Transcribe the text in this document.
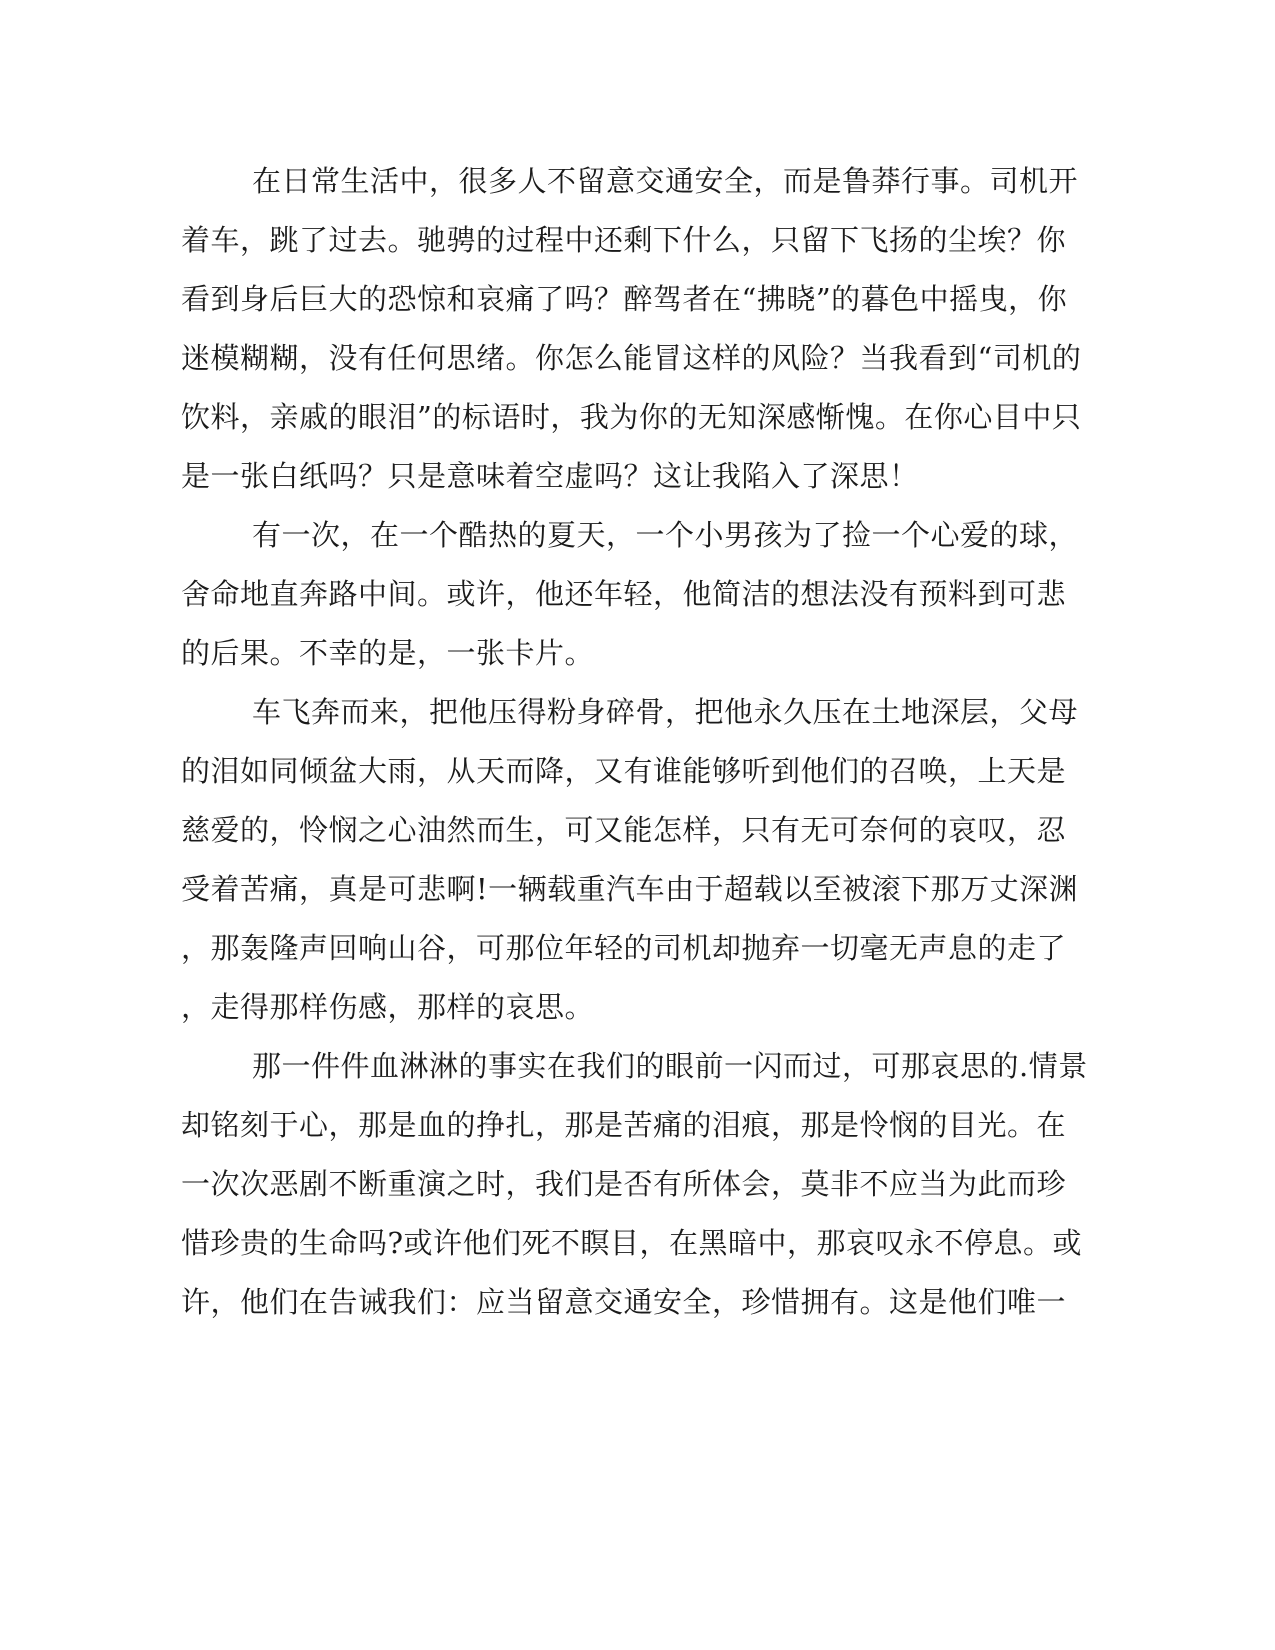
在日常生活中，很多人不留意交通安全，而是鲁莽行事。司机开

着车，跳了过去。驰骋的过程中还剩下什么，只留下飞扬的尘埃？你

看到身后巨大的恐惊和哀痛了吗？醉驾者在“拂晓”的暮色中摇曳，你

迷模糊糊，没有任何思绪。你怎么能冒这样的风险？当我看到“司机的

饮料，亲戚的眼泪”的标语时，我为你的无知深感惭愧。在你心目中只

是一张白纸吗？只是意味着空虚吗？这让我陷入了深思！

有一次，在一个酷热的夏天，一个小男孩为了捡一个心爱的球，

舍命地直奔路中间。或许，他还年轻，他简洁的想法没有预料到可悲

的后果。不幸的是，一张卡片。

车飞奔而来，把他压得粉身碎骨，把他永久压在土地深层，父母

的泪如同倾盆大雨，从天而降，又有谁能够听到他们的召唤，上天是

慈爱的，怜悯之心油然而生，可又能怎样，只有无可奈何的哀叹，忍

受着苦痛，真是可悲啊!一辆载重汽车由于超载以至被滚下那万丈深渊

，那轰隆声回响山谷，可那位年轻的司机却抛弃一切毫无声息的走了

，走得那样伤感，那样的哀思。

那一件件血淋淋的事实在我们的眼前一闪而过，可那哀思的.情景

却铭刻于心，那是血的挣扎，那是苦痛的泪痕，那是怜悯的目光。在

一次次恶剧不断重演之时，我们是否有所体会，莫非不应当为此而珍

惜珍贵的生命吗?或许他们死不瞑目，在黑暗中，那哀叹永不停息。或

许，他们在告诫我们：应当留意交通安全，珍惜拥有。这是他们唯一
